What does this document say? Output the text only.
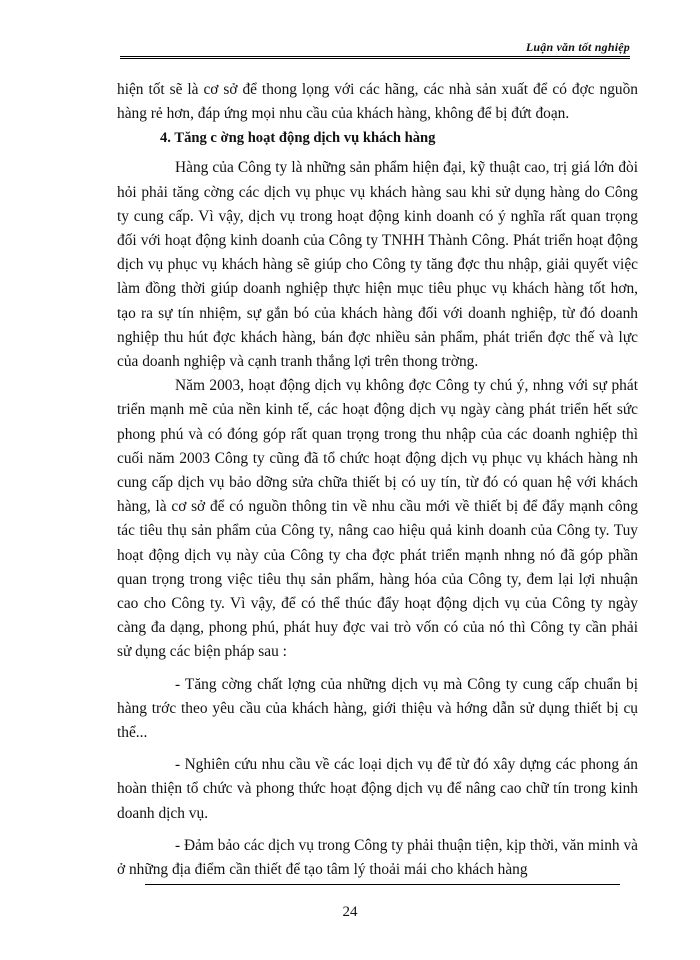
Luận văn tốt nghiệp

hiện tốt sẽ là cơ sở để thong lọng với các hãng, các nhà sản xuất để có đợc nguồn hàng rẻ hơn, đáp ứng mọi nhu cầu của khách hàng, không để bị đứt đoạn.

4. Tăng c ờng hoạt động dịch vụ khách hàng

Hàng của Công ty là những sản phẩm hiện đại, kỹ thuật cao, trị giá lớn đòi hỏi phải tăng cờng các dịch vụ phục vụ khách hàng sau khi sử dụng hàng do Công ty cung cấp. Vì vậy, dịch vụ trong hoạt động kinh doanh có ý nghĩa rất quan trọng đối với hoạt động kinh doanh của Công ty TNHH Thành Công. Phát triển hoạt động dịch vụ phục vụ khách hàng sẽ giúp cho Công ty tăng đợc thu nhập, giải quyết việc làm đồng thời giúp doanh nghiệp thực hiện mục tiêu phục vụ khách hàng tốt hơn, tạo ra sự tín nhiệm, sự gắn bó của khách hàng đối với doanh nghiệp, từ đó doanh nghiệp thu hút đợc khách hàng, bán đợc nhiều sản phẩm, phát triển đợc thế và lực của doanh nghiệp và cạnh tranh thắng lợi trên thong trờng.

Năm 2003, hoạt động dịch vụ không đợc Công ty chú ý, nhng với sự phát triển mạnh mẽ của nền kinh tế, các hoạt động dịch vụ ngày càng phát triển hết sức phong phú và có đóng góp rất quan trọng trong thu nhập của các doanh nghiệp thì cuối năm 2003 Công ty cũng đã tổ chức hoạt động dịch vụ phục vụ khách hàng nh cung cấp dịch vụ bảo dỡng sửa chữa thiết bị có uy tín, từ đó có quan hệ với khách hàng, là cơ sở để có nguồn thông tin về nhu cầu mới về thiết bị để đẩy mạnh công tác tiêu thụ sản phẩm của Công ty, nâng cao hiệu quả kinh doanh của Công ty. Tuy hoạt động dịch vụ này của Công ty cha đợc phát triển mạnh nhng nó đã góp phần quan trọng trong việc tiêu thụ sản phẩm, hàng hóa của Công ty, đem lại lợi nhuận cao cho Công ty. Vì vậy, để có thể thúc đẩy hoạt động dịch vụ của Công ty ngày càng đa dạng, phong phú, phát huy đợc vai trò vốn có của nó thì Công ty cần phải sử dụng các biện pháp sau :

- Tăng cờng chất lợng của những dịch vụ mà Công ty cung cấp chuẩn bị hàng trớc theo yêu cầu của khách hàng, giới thiệu và hớng dẫn sử dụng thiết bị cụ thể...

- Nghiên cứu nhu cầu về các loại dịch vụ để từ đó xây dựng các phong án hoàn thiện tổ chức và phong thức hoạt động dịch vụ để nâng cao chữ tín trong kinh doanh dịch vụ.

- Đảm bảo các dịch vụ trong Công ty phải thuận tiện, kịp thời, văn minh và ở những địa điểm cần thiết để tạo tâm lý thoải mái cho khách hàng

24
